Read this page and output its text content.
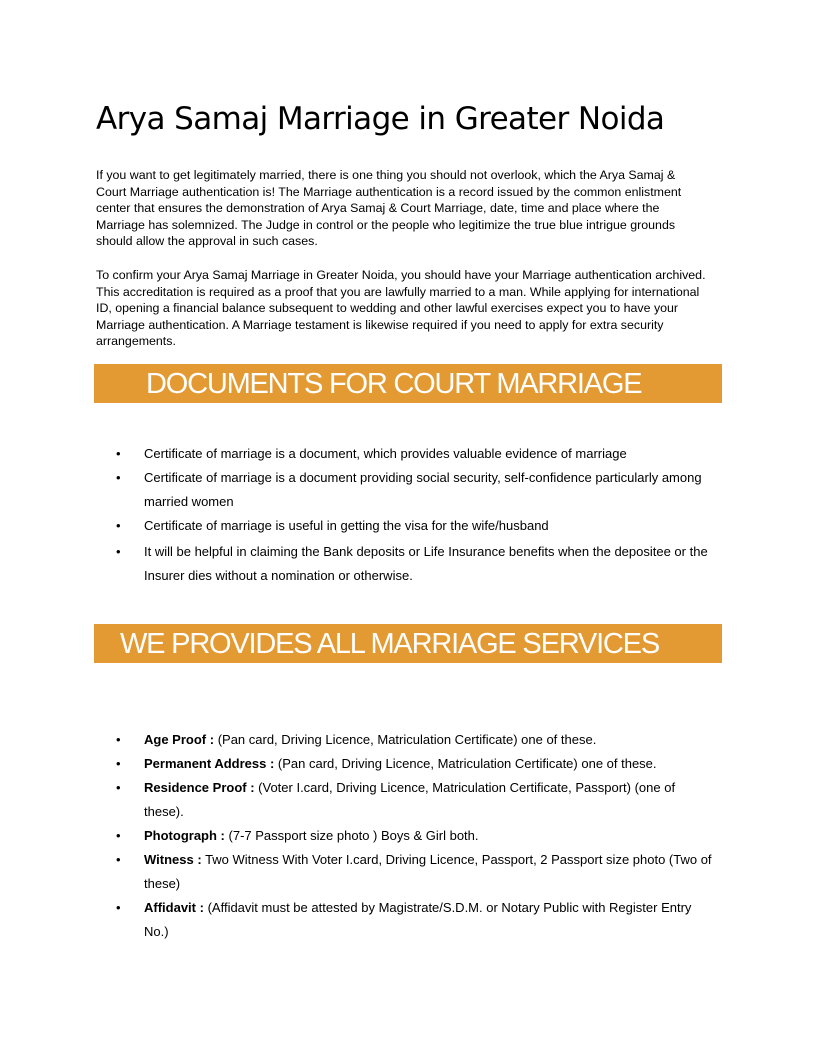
Arya Samaj Marriage in Greater Noida

If you want to get legitimately married, there is one thing you should not overlook, which the Arya Samaj & Court Marriage authentication is! The Marriage authentication is a record issued by the common enlistment center that ensures the demonstration of Arya Samaj & Court Marriage, date, time and place where the Marriage has solemnized. The Judge in control or the people who legitimize the true blue intrigue grounds should allow the approval in such cases.

To confirm your Arya Samaj Marriage in Greater Noida, you should have your Marriage authentication archived. This accreditation is required as a proof that you are lawfully married to a man. While applying for international ID, opening a financial balance subsequent to wedding and other lawful exercises expect you to have your Marriage authentication. A Marriage testament is likewise required if you need to apply for extra security arrangements.

DOCUMENTS FOR COURT MARRIAGE
• Certificate of marriage is a document, which provides valuable evidence of marriage
• Certificate of marriage is a document providing social security, self-confidence particularly among married women
• Certificate of marriage is useful in getting the visa for the wife/husband
• It will be helpful in claiming the Bank deposits or Life Insurance benefits when the depositee or the Insurer dies without a nomination or otherwise.
WE PROVIDES ALL MARRIAGE SERVICES
• Age Proof : (Pan card, Driving Licence, Matriculation Certificate) one of these.
• Permanent Address : (Pan card, Driving Licence, Matriculation Certificate) one of these.
• Residence Proof : (Voter I.card, Driving Licence, Matriculation Certificate, Passport) (one of these).
• Photograph : (7-7 Passport size photo ) Boys & Girl both.
• Witness : Two Witness With Voter I.card, Driving Licence, Passport, 2 Passport size photo (Two of these)
• Affidavit : (Affidavit must be attested by Magistrate/S.D.M. or Notary Public with Register Entry No.)
